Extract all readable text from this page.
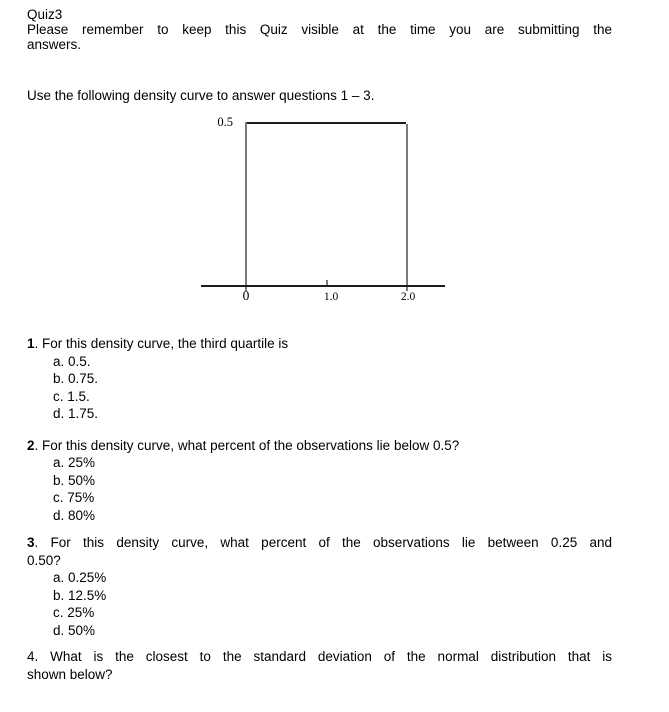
Quiz3
Please remember to keep this Quiz visible at the time you are submitting the
answers.
Use the following density curve to answer questions 1 – 3.
0.5
0	1.0	2.0
1. For this density curve, the third quartile is
a. 0.5.
b. 0.75.
c. 1.5.
d. 1.75.
2. For this density curve, what percent of the observations lie below 0.5?
a. 25%
b. 50%
c. 75%
d. 80%
3. For this density curve, what percent of the observations lie between 0.25 and
0.50?
a. 0.25%
b. 12.5%
c. 25%
d. 50%
4. What is the closest to the standard deviation of the normal distribution that is
shown below?
